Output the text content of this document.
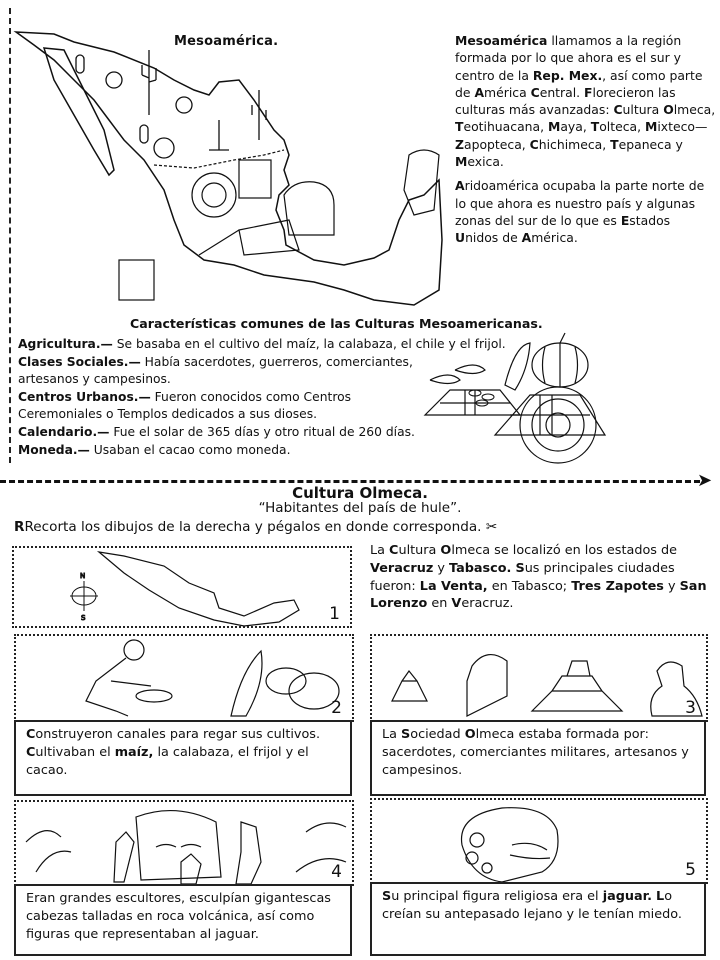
Mesoamérica.	Mesoamérica llamamos a la región formada por lo que ahora es el sur y centro de la Rep. Mex., así como parte de América Central. Florecieron las culturas más avanzadas: Cultura Olmeca, Teotihuacana, Maya, Tolteca, Mixteco—Zapopteca, Chichimeca, Tepaneca y Mexica.

Aridoamérica ocupaba la parte norte de lo que ahora es nuestro país y algunas zonas del sur de lo que es Estados Unidos de América.

Características comunes de las Culturas Mesoamericanas.
Agricultura.— Se basaba en el cultivo del maíz, la calabaza, el chile y el frijol.
Clases Sociales.— Había sacerdotes, guerreros, comerciantes,
artesanos y campesinos.
Centros Urbanos.— Fueron conocidos como Centros
Ceremoniales o Templos dedicados a sus dioses.
Calendario.— Fue el solar de 365 días y otro ritual de 260 días.
Moneda.— Usaban el cacao como moneda.
➤
Cultura Olmeca.
“Habitantes del país de hule”.
RRecorta los dibujos de la derecha y pégalos en donde corresponda. ✂
N
S	1
La Cultura Olmeca se localizó en los estados de Veracruz y Tabasco. Sus principales ciudades fueron: La Venta, en Tabasco; Tres Zapotes y San Lorenzo en Veracruz.
2
Construyeron canales para regar sus cultivos. Cultivaban el maíz, la calabaza, el frijol y el cacao.
3
La Sociedad Olmeca estaba formada por: sacerdotes, comerciantes militares, artesanos y campesinos.
4
Eran grandes escultores, esculpían gigantescas cabezas talladas en roca volcánica, así como figuras que representaban al jaguar.
5
Su principal figura religiosa era el jaguar. Lo creían su antepasado lejano y le tenían miedo.
